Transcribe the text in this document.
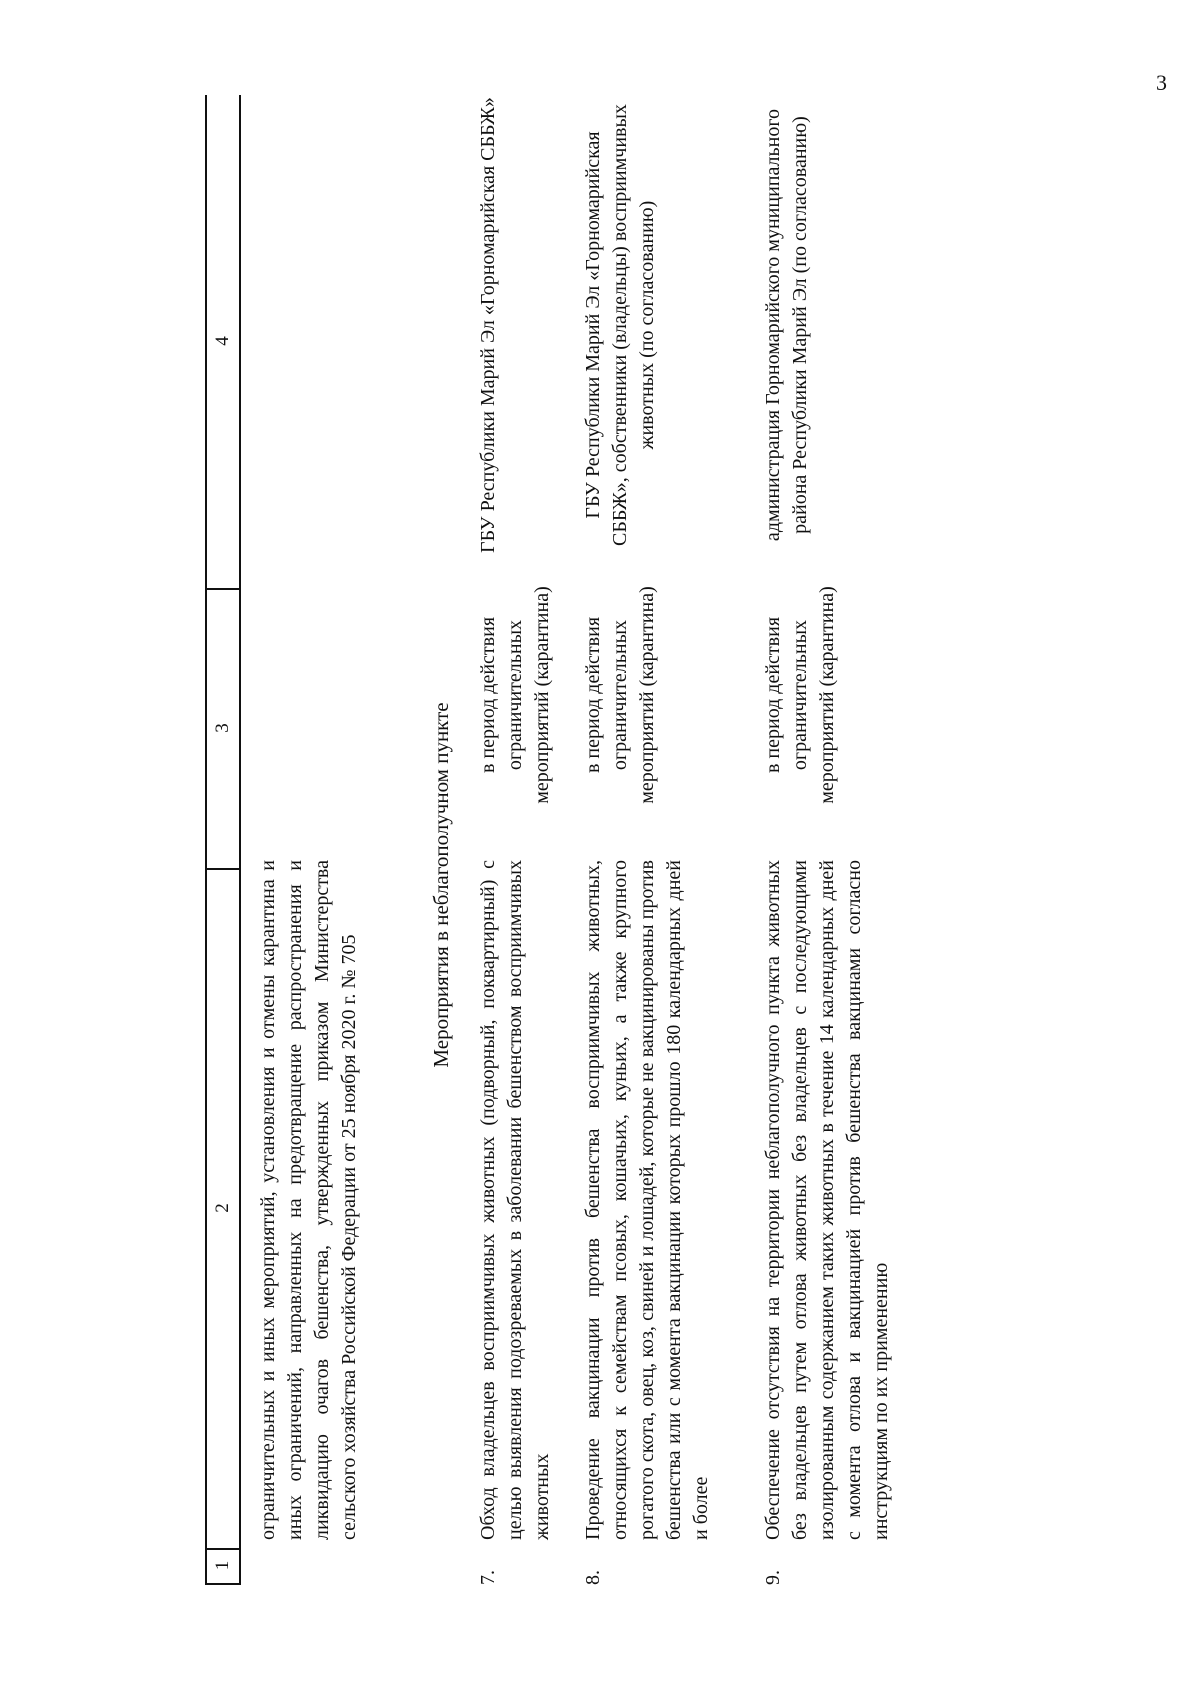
3
1
2
3
4
ограничительных и иных мероприятий, установления и отмены карантина и иных ограничений, направленных на предотвращение распространения и ликвидацию очагов бешенства, утвержденных приказом Министерства сельского хозяйства Российской Федерации от 25 ноября 2020 г. № 705
Мероприятия в неблагополучном пункте
7.
Обход владельцев восприимчивых животных (подворный, поквартирный) с целью выявления подозреваемых в заболевании бешенством восприимчивых животных
в период действия ограничительных мероприятий (карантина)
ГБУ Республики Марий Эл «Горномарийская СББЖ»
8.
Проведение вакцинации против бешенства восприимчивых животных, относящихся к семействам псовых, кошачьих, куньих, а также крупного рогатого скота, овец, коз, свиней и лошадей, которые не вакцинированы против бешенства или с момента вакцинации которых прошло 180 календарных дней и более
в период действия ограничительных мероприятий (карантина)
ГБУ Республики Марий Эл «Горномарийская СББЖ», собственники (владельцы) восприимчивых животных (по согласованию)
9.
Обеспечение отсутствия на территории неблагополучного пункта животных без владельцев путем отлова животных без владельцев с последующими изолированным содержанием таких животных в течение 14 календарных дней с момента отлова и вакцинацией против бешенства вакцинами согласно инструкциям по их применению
в период действия ограничительных мероприятий (карантина)
администрация Горномарийского муниципального района Республики Марий Эл (по согласованию)
